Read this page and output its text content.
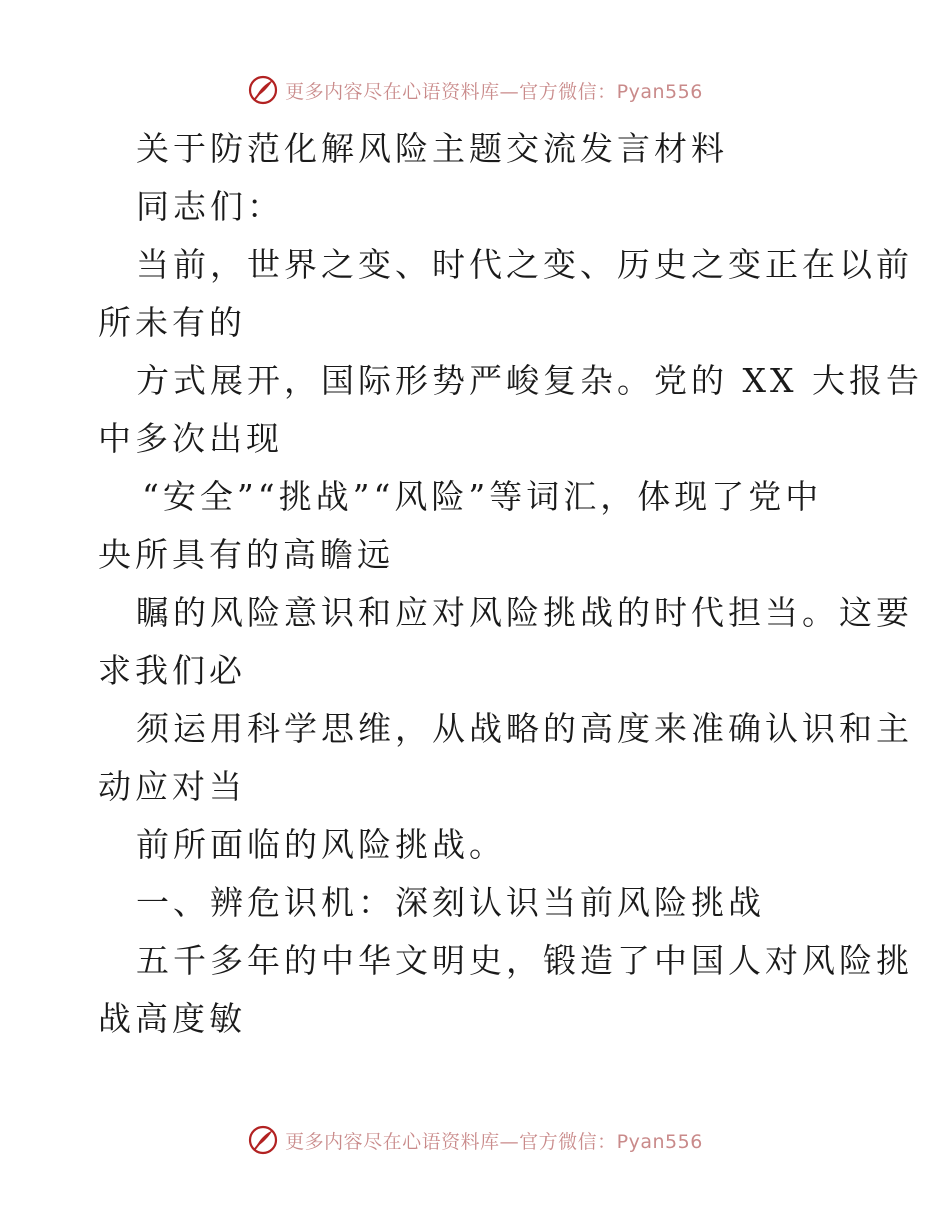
更多内容尽在心语资料库—官方微信：Pyan556
关于防范化解风险主题交流发言材料
同志们：
当前，世界之变、时代之变、历史之变正在以前
所未有的
方式展开，国际形势严峻复杂。党的 XX 大报告
中多次出现
“安全”“挑战”“风险”等词汇，体现了党中
央所具有的高瞻远
瞩的风险意识和应对风险挑战的时代担当。这要
求我们必
须运用科学思维，从战略的高度来准确认识和主
动应对当
前所面临的风险挑战。
一、辨危识机：深刻认识当前风险挑战
五千多年的中华文明史，锻造了中国人对风险挑
战高度敏
更多内容尽在心语资料库—官方微信：Pyan556
